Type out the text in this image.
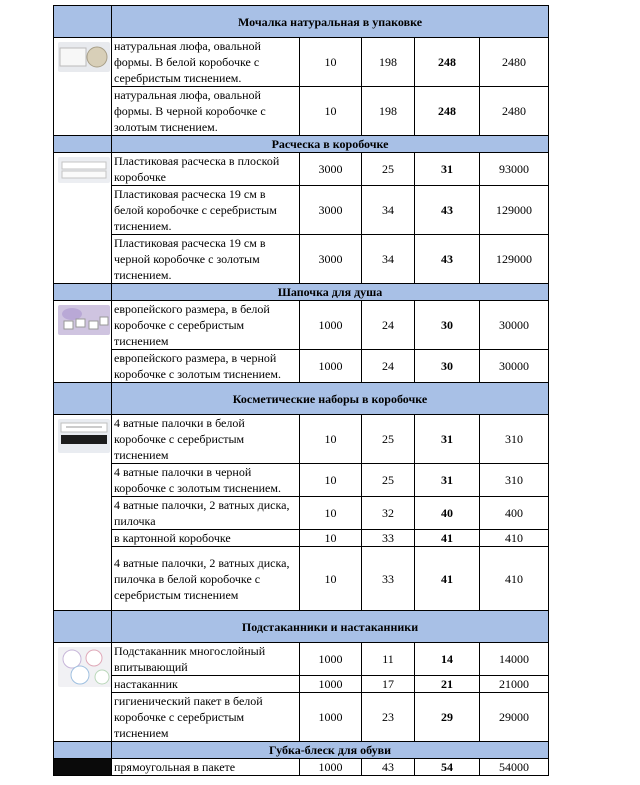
	Мочалка натуральная в упаковке				

	натуральная люфа, овальной формы. В белой коробочке с серебристым тиснением.	10	198	248	2480
	натуральная люфа, овальной формы. В черной коробочке с золотым тиснением.	10	198	248	2480
	Расческа в коробочке				

	Пластиковая расческа в плоской коробочке	3000	25	31	93000
	Пластиковая расческа 19 см в белой коробочке с серебристым тиснением.	3000	34	43	129000
	Пластиковая расческа 19 см в черной коробочке с золотым тиснением.	3000	34	43	129000
	Шапочка для душа				

	европейского размера, в белой коробочке с серебристым тиснением	1000	24	30	30000
	европейского размера, в черной коробочке с золотым тиснением.	1000	24	30	30000
	Косметические наборы в коробочке				

	4 ватные палочки в белой коробочке с серебристым тиснением	10	25	31	310
	4 ватные палочки в черной коробочке с золотым тиснением.	10	25	31	310
	4 ватные палочки, 2 ватных диска, пилочка	10	32	40	400
	в картонной коробочке	10	33	41	410
	4 ватные палочки, 2 ватных диска, пилочка в белой коробочке с серебристым тиснением	10	33	41	410
	Подстаканники и настаканники				

	Подстаканник многослойный впитывающий	1000	11	14	14000
	настаканник	1000	17	21	21000
	гигиенический пакет в белой коробочке с серебристым тиснением	1000	23	29	29000
	Губка-блеск для обуви				
	прямоугольная в пакете	1000	43	54	54000
